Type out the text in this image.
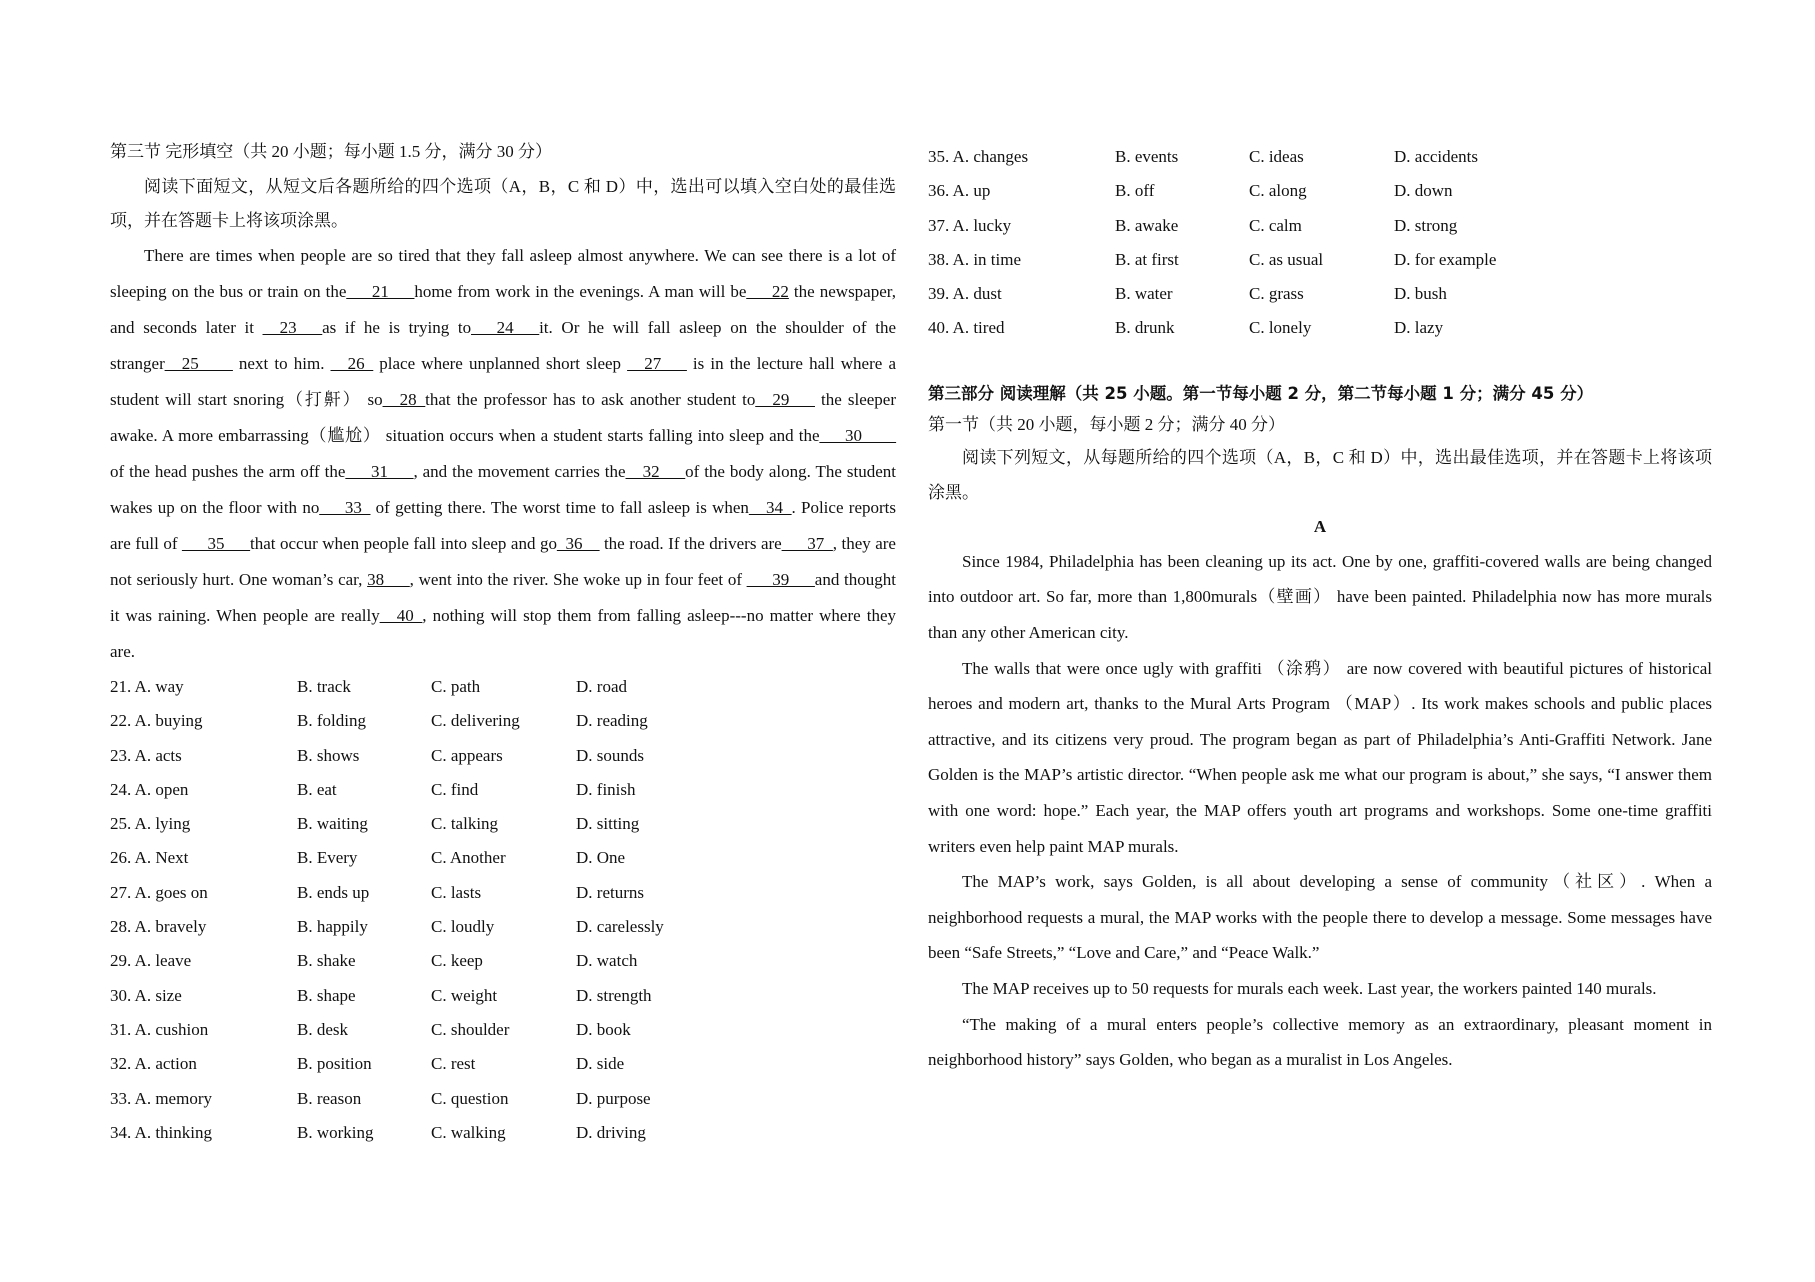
第三节 完形填空（共 20 小题；每小题 1.5 分，满分 30 分）

阅读下面短文，从短文后各题所给的四个选项（A，B，C 和 D）中，选出可以填入空白处的最佳选项，并在答题卡上将该项涂黑。

There are times when people are so tired that they fall asleep almost anywhere. We can see there is a lot of sleeping on the bus or train on the___21___home from work in the evenings. A man will be___22 the newspaper, and seconds later it __23___as if he is trying to___24___it. Or he will fall asleep on the shoulder of the stranger__25____ next to him. __26_ place where unplanned short sleep __27___ is in the lecture hall where a student will start snoring（打鼾） so__28_that the professor has to ask another student to__29___ the sleeper awake. A more embarrassing（尴尬） situation occurs when a student starts falling into sleep and the___30____ of the head pushes the arm off the___31___, and the movement carries the__32___of the body along. The student wakes up on the floor with no___33_ of getting there. The worst time to fall asleep is when__34_. Police reports are full of ___35___that occur when people fall into sleep and go_36__ the road. If the drivers are___37_, they are not seriously hurt. One woman’s car, 38___, went into the river. She woke up in four feet of ___39___and thought it was raining. When people are really__40_, nothing will stop them from falling asleep---no matter where they are.

21. A. way	B. track	C. path	D. road
22. A. buying	B. folding	C. delivering	D. reading
23. A. acts	B. shows	C. appears	D. sounds
24. A. open	B. eat	C. find	D. finish
25. A. lying	B. waiting	C. talking	D. sitting
26. A. Next	B. Every	C. Another	D. One
27. A. goes on	B. ends up	C. lasts	D. returns
28. A. bravely	B. happily	C. loudly	D. carelessly
29. A. leave	B. shake	C. keep	D. watch
30. A. size	B. shape	C. weight	D. strength
31. A. cushion	B. desk	C. shoulder	D. book
32. A. action	B. position	C. rest	D. side
33. A. memory	B. reason	C. question	D. purpose
34. A. thinking	B. working	C. walking	D. driving
35. A. changes	B. events	C. ideas	D. accidents
36. A. up	B. off	C. along	D. down
37. A. lucky	B. awake	C. calm	D. strong
38. A. in time	B. at first	C. as usual	D. for example
39. A. dust	B. water	C. grass	D. bush
40. A. tired	B. drunk	C. lonely	D. lazy
第三部分 阅读理解（共 25 小题。第一节每小题 2 分，第二节每小题 1 分；满分 45 分）
第一节（共 20 小题，每小题 2 分；满分 40 分）

阅读下列短文，从每题所给的四个选项（A，B，C 和 D）中，选出最佳选项，并在答题卡上将该项涂黑。

A

Since 1984, Philadelphia has been cleaning up its act. One by one, graffiti-covered walls are being changed into outdoor art. So far, more than 1,800murals（壁画） have been painted. Philadelphia now has more murals than any other American city.

The walls that were once ugly with graffiti （涂鸦） are now covered with beautiful pictures of historical heroes and modern art, thanks to the Mural Arts Program （MAP）. Its work makes schools and public places attractive, and its citizens very proud. The program began as part of Philadelphia’s Anti-Graffiti Network. Jane Golden is the MAP’s artistic director. “When people ask me what our program is about,” she says, “I answer them with one word: hope.” Each year, the MAP offers youth art programs and workshops. Some one-time graffiti writers even help paint MAP murals.

The MAP’s work, says Golden, is all about developing a sense of community（社区）. When a neighborhood requests a mural, the MAP works with the people there to develop a message. Some messages have been “Safe Streets,” “Love and Care,” and “Peace Walk.”

The MAP receives up to 50 requests for murals each week. Last year, the workers painted 140 murals.

“The making of a mural enters people’s collective memory as an extraordinary, pleasant moment in neighborhood history” says Golden, who began as a muralist in Los Angeles.
